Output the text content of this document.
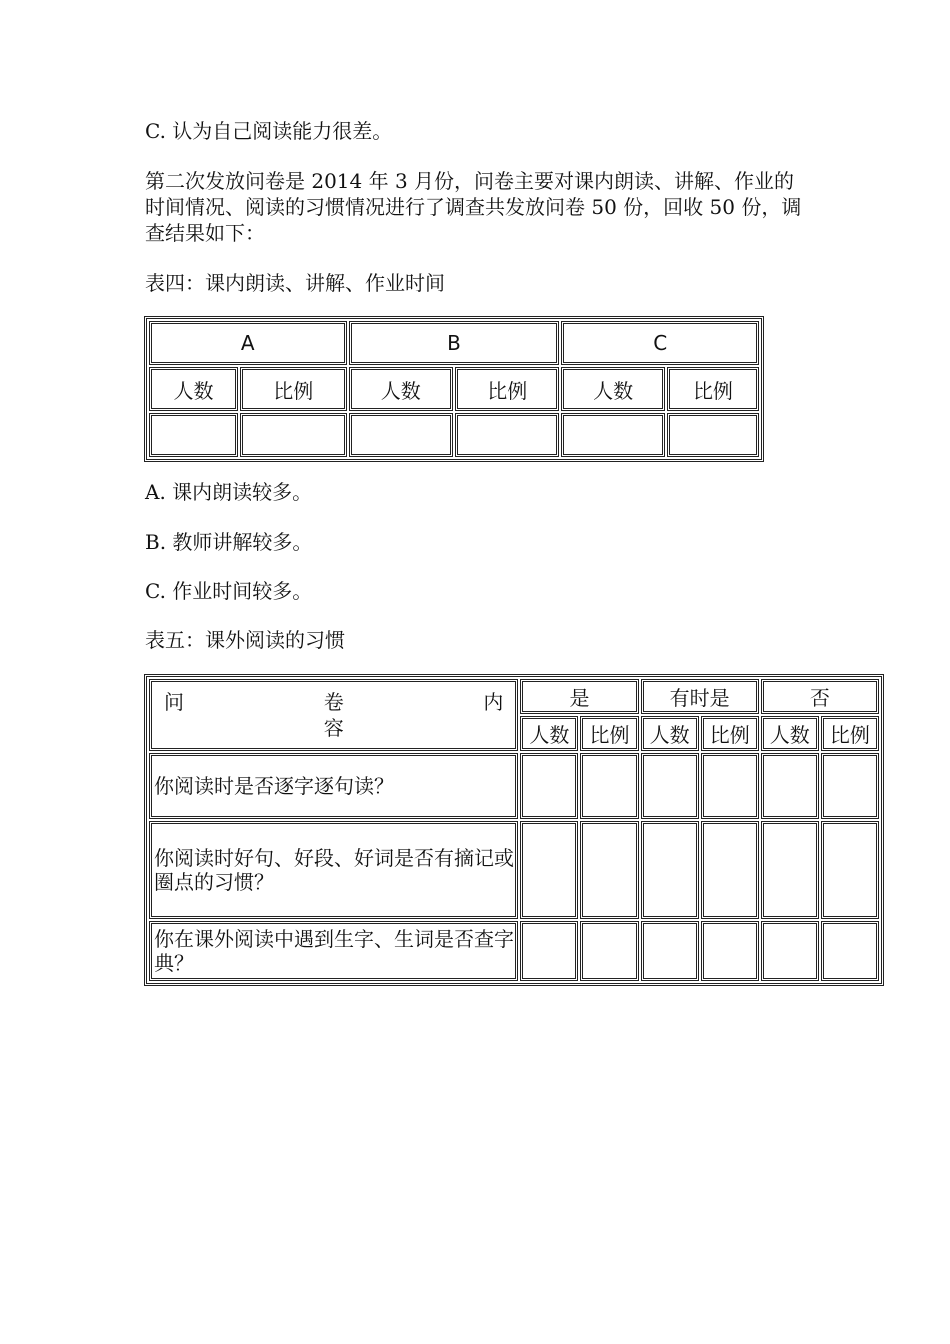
C. 认为自己阅读能力很差。

第二次发放问卷是 2014 年 3 月份，问卷主要对课内朗读、讲解、作业的时间情况、阅读的习惯情况进行了调查共发放问卷 50 份，回收 50 份，调查结果如下：

表四：课内朗读、讲解、作业时间

A		B		C	
人数	比例	人数	比例	人数	比例

A. 课内朗读较多。

B. 教师讲解较多。

C. 作业时间较多。

表五：课外阅读的习惯

问 卷 内
容	是		有时是		否	
	人数	比例	人数	比例	人数	比例
你阅读时是否逐字逐句读？						
你阅读时好句、好段、好词是否有摘记或圈点的习惯？						
你在课外阅读中遇到生字、生词是否查字典？						
